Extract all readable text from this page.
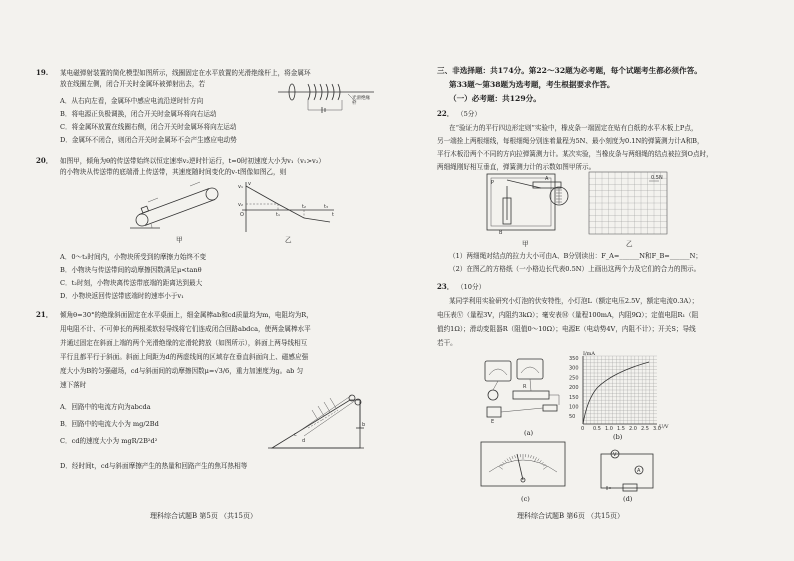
19. 某电磁弹射装置的简化模型如图所示，线圈固定在水平放置的光滑绝缘杆上，将金属环
放在线圈左侧，闭合开关时金属环被弹射出去，若
A．从右向左看，金属环中感应电流沿逆时针方向
B．将电源正负极调换，闭合开关时金属环将向右运动
C．将金属环放置在线圈右侧，闭合开关时金属环将向左运动
D．金属环不闭合，则闭合开关时金属环不会产生感应电动势
光滑绝缘杆
20． 如图甲，倾角为θ的传送带始终以恒定速率v₂逆时针运行，t=0时初速度大小为v₁（v₁>v₂）
的小物块从传送带的底端滑上传送带，其速度随时间变化的v-t图像如图乙，则
甲
v
v₁
v₂
O	t₁
t₂	t₃
t
乙
A．0～t₃时间内，小物块所受到的摩擦力始终不变
B．小物块与传送带间的动摩擦因数满足μ<tanθ
C．t₂时刻，小物块离传送带底端的距离达到最大
D．小物块返回传送带底端时的速率小于v₁
21． 倾角θ=30°的绝缘斜面固定在水平桌面上，细金属棒ab和cd质量均为m，电阻均为R，
用电阻不计、不可伸长的两根柔软轻导线将它们连成闭合回路abdca，使两金属棒水平
并通过固定在斜面上端的两个光滑绝缘的定滑轮跨放（如图所示），斜面上两导线相互
平行且都平行于斜面。斜面上间距为d的两虚线间的区域存在垂直斜面向上、磁感应强
度大小为B的匀强磁场，cd与斜面间的动摩擦因数μ=√3/6，重力加速度为g。ab 匀
速下落时
A．回路中的电流方向为abcda
B．回路中的电流大小为 mg/2Bd
C．cd的速度大小为 mgR/2B²d²
D．经时间t，cd与斜面摩擦产生的热量和回路产生的焦耳热相等
b
c
d
理科综合试题B 第5页 （共15页）
三、非选择题：共174分。第22～32题为必考题，每个试题考生都必须作答。
第33题～第38题为选考题，考生根据要求作答。
（一）必考题：共129分。
22． （5分）
在“验证力的平行四边形定则”实验中，橡皮条一端固定在贴有白纸的水平木板上P点，
另一端拴上两根细线，每根细绳分别连着量程为5N、最小刻度为0.1N的弹簧测力计A和B，
平行木板沿两个不同的方向拉弹簧测力计。某次实验，当橡皮条与两细绳的结点被拉到O点时，
两细绳刚好相互垂直，弹簧测力计的示数如图甲所示。
P
A
B
甲
0.5N
乙
（1）两细绳对结点的拉力大小可由A、B分别读出：F_A=______N和F_B=______N；
（2）在图乙的方格纸（一小格边长代表0.5N）上画出这两个力及它们的合力的图示。
23． （10分）
某同学利用实验研究小灯泡的伏安特性，小灯泡L（额定电压2.5V，额定电流0.3A）；
电压表Ⓥ（量程3V，内阻约3kΩ）；毫安表Ⓜ（量程100mA，内阻9Ω）；定值电阻R₁（阻
值约1Ω）；滑动变阻器R（阻值0～10Ω）；电源E（电动势4V，内阻不计）；开关S；导线
若干。
R
E
(a)
350
300
250
200
150
100
50
0 0.5 1.0 1.5 2.0 2.5 3.0
I/mA
U/V
(b)
(c)
V
A
(d)
理科综合试题B 第6页 （共15页）
